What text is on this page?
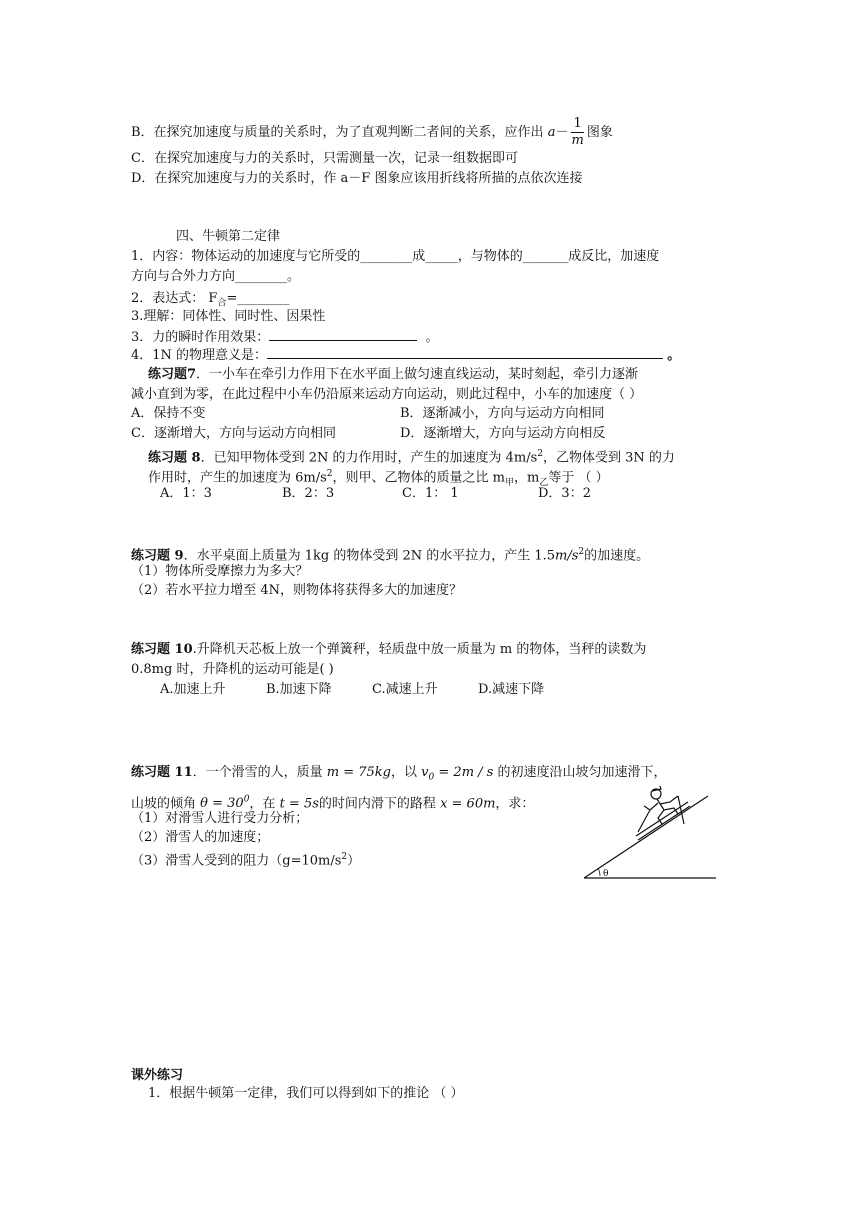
B．在探究加速度与质量的关系时，为了直观判断二者间的关系，应作出 $a- \frac{1}{m}$ 图象
C．在探究加速度与力的关系时，只需测量一次，记录一组数据即可
D．在探究加速度与力的关系时，作 a－F 图象应该用折线将所描的点依次连接
四、牛顿第二定律
1．内容：物体运动的加速度与它所受的________成_____，与物体的_______成反比，加速度
方向与合外力方向________。
2．表达式： $F_合=\_\_\_\_\_\_\_\_$
3.理解：同体性、同时性、因果性
3．力的瞬时作用效果：	。
4．1N 的物理意义是：	。
练习题7．一小车在牵引力作用下在水平面上做匀速直线运动，某时刻起，牵引力逐渐
减小直到为零，在此过程中小车仍沿原来运动方向运动，则此过程中，小车的加速度（ ）
A．保持不变	B．逐渐减小，方向与运动方向相同
C．逐渐增大，方向与运动方向相同	D．逐渐增大，方向与运动方向相反
练习题 8．已知甲物体受到 2N 的力作用时，产生的加速度为 $4m/s^2$，乙物体受到 3N 的力
作用时，产生的加速度为 $6m/s^2$，则甲、乙物体的质量之比 $m_甲$，$m_乙$等于 （ ）
A．1：3	B．2：3	C．1： 1	D．3：2
练习题 9．水平桌面上质量为 1kg 的物体受到 2N 的水平拉力，产生 $1.5m/s^2$的加速度。
（1）物体所受摩擦力为多大？
（2）若水平拉力增至 4N，则物体将获得多大的加速度？
练习题 10.升降机天芯板上放一个弹簧秤，轻质盘中放一质量为 m 的物体，当秤的读数为
0.8mg 时，升降机的运动可能是( )
A.加速上升	B.加速下降	C.减速上升	D.减速下降
练习题 11．一个滑雪的人，质量 m = 75kg，以 $v_0 = 2m / s$ 的初速度沿山坡匀加速滑下，
山坡的倾角 $\theta = 30^0$，在 t = 5s的时间内滑下的路程 x = 60m，求：
（1）对滑雪人进行受力分析；
（2）滑雪人的加速度；
（3）滑雪人受到的阻力$(g=10m/s^2)$
θ
课外练习
1．根据牛顿第一定律，我们可以得到如下的推论 （ ）
